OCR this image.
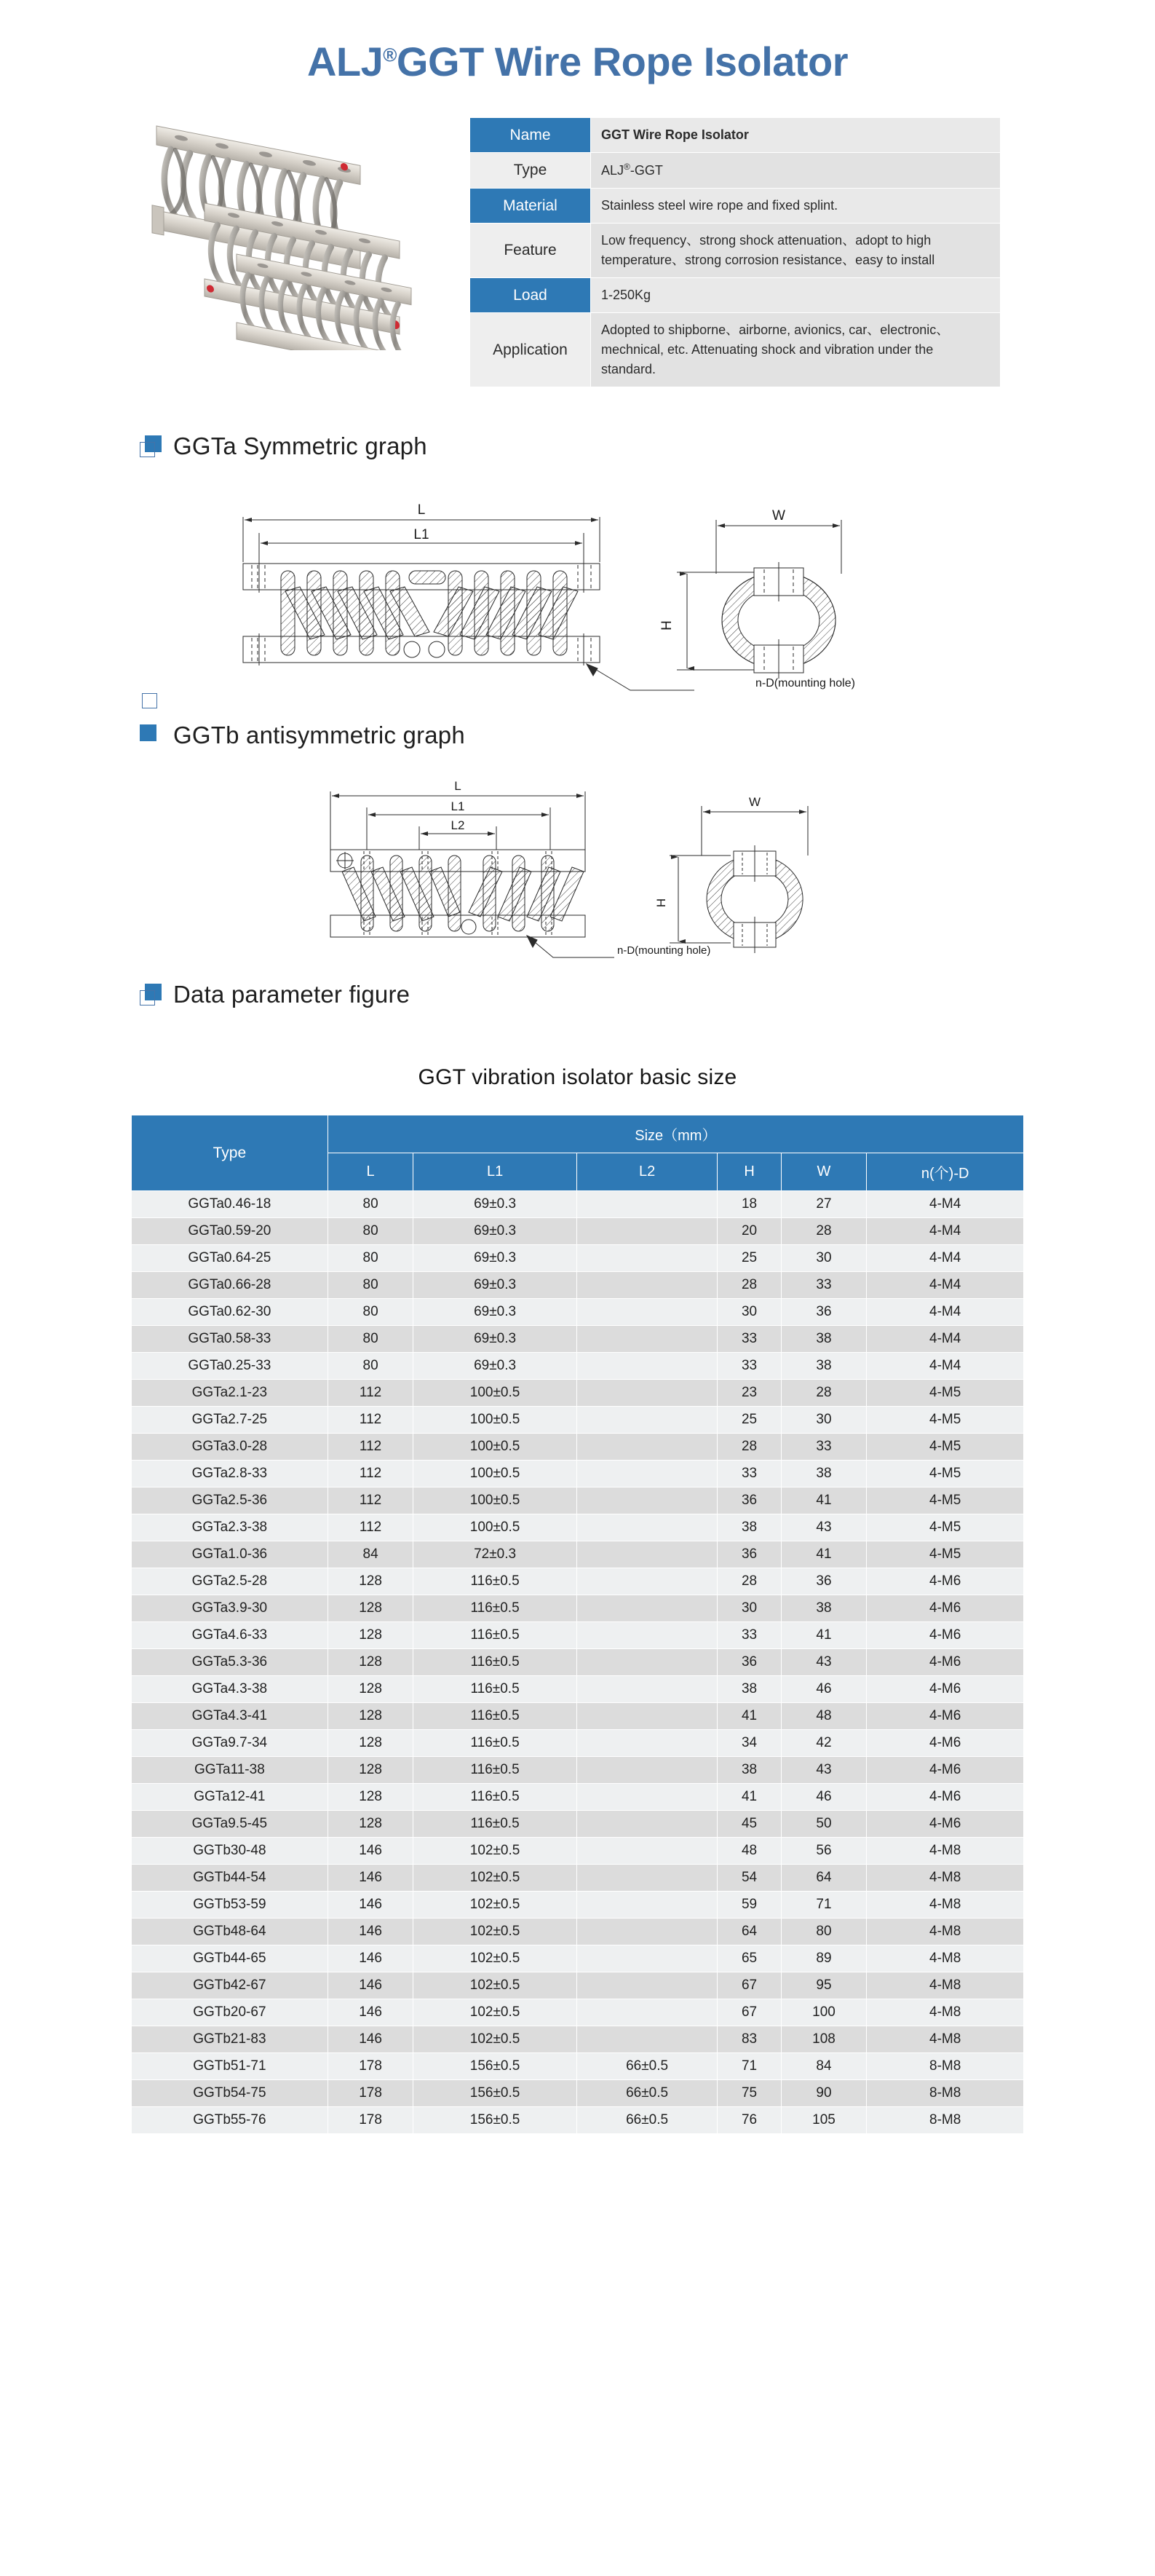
ALJ®GGT Wire Rope Isolator
Name	GGT Wire Rope Isolator
Type	ALJ®-GGT
Material	Stainless steel wire rope and fixed splint.
Feature	Low frequency、strong shock attenuation、adopt to high temperature、strong corrosion resistance、easy to install
Load	1-250Kg
Application	Adopted to shipborne、airborne, avionics, car、electronic、mechnical, etc. Attenuating shock and vibration under the standard.
GGTa Symmetric graph
L
L1
W
H
n-D(mounting hole)
GGTb antisymmetric graph
L
L1
L2
W
H
n-D(mounting hole)
Data parameter figure
GGT vibration isolator basic size
Type	Size（mm）					
	L	L1	L2	H	W	n(个)-D
GGTa0.46-18	80	69±0.3		18	27	4-M4
GGTa0.59-20	80	69±0.3		20	28	4-M4
GGTa0.64-25	80	69±0.3		25	30	4-M4
GGTa0.66-28	80	69±0.3		28	33	4-M4
GGTa0.62-30	80	69±0.3		30	36	4-M4
GGTa0.58-33	80	69±0.3		33	38	4-M4
GGTa0.25-33	80	69±0.3		33	38	4-M4
GGTa2.1-23	112	100±0.5		23	28	4-M5
GGTa2.7-25	112	100±0.5		25	30	4-M5
GGTa3.0-28	112	100±0.5		28	33	4-M5
GGTa2.8-33	112	100±0.5		33	38	4-M5
GGTa2.5-36	112	100±0.5		36	41	4-M5
GGTa2.3-38	112	100±0.5		38	43	4-M5
GGTa1.0-36	84	72±0.3		36	41	4-M5
GGTa2.5-28	128	116±0.5		28	36	4-M6
GGTa3.9-30	128	116±0.5		30	38	4-M6
GGTa4.6-33	128	116±0.5		33	41	4-M6
GGTa5.3-36	128	116±0.5		36	43	4-M6
GGTa4.3-38	128	116±0.5		38	46	4-M6
GGTa4.3-41	128	116±0.5		41	48	4-M6
GGTa9.7-34	128	116±0.5		34	42	4-M6
GGTa11-38	128	116±0.5		38	43	4-M6
GGTa12-41	128	116±0.5		41	46	4-M6
GGTa9.5-45	128	116±0.5		45	50	4-M6
GGTb30-48	146	102±0.5		48	56	4-M8
GGTb44-54	146	102±0.5		54	64	4-M8
GGTb53-59	146	102±0.5		59	71	4-M8
GGTb48-64	146	102±0.5		64	80	4-M8
GGTb44-65	146	102±0.5		65	89	4-M8
GGTb42-67	146	102±0.5		67	95	4-M8
GGTb20-67	146	102±0.5		67	100	4-M8
GGTb21-83	146	102±0.5		83	108	4-M8
GGTb51-71	178	156±0.5	66±0.5	71	84	8-M8
GGTb54-75	178	156±0.5	66±0.5	75	90	8-M8
GGTb55-76	178	156±0.5	66±0.5	76	105	8-M8
